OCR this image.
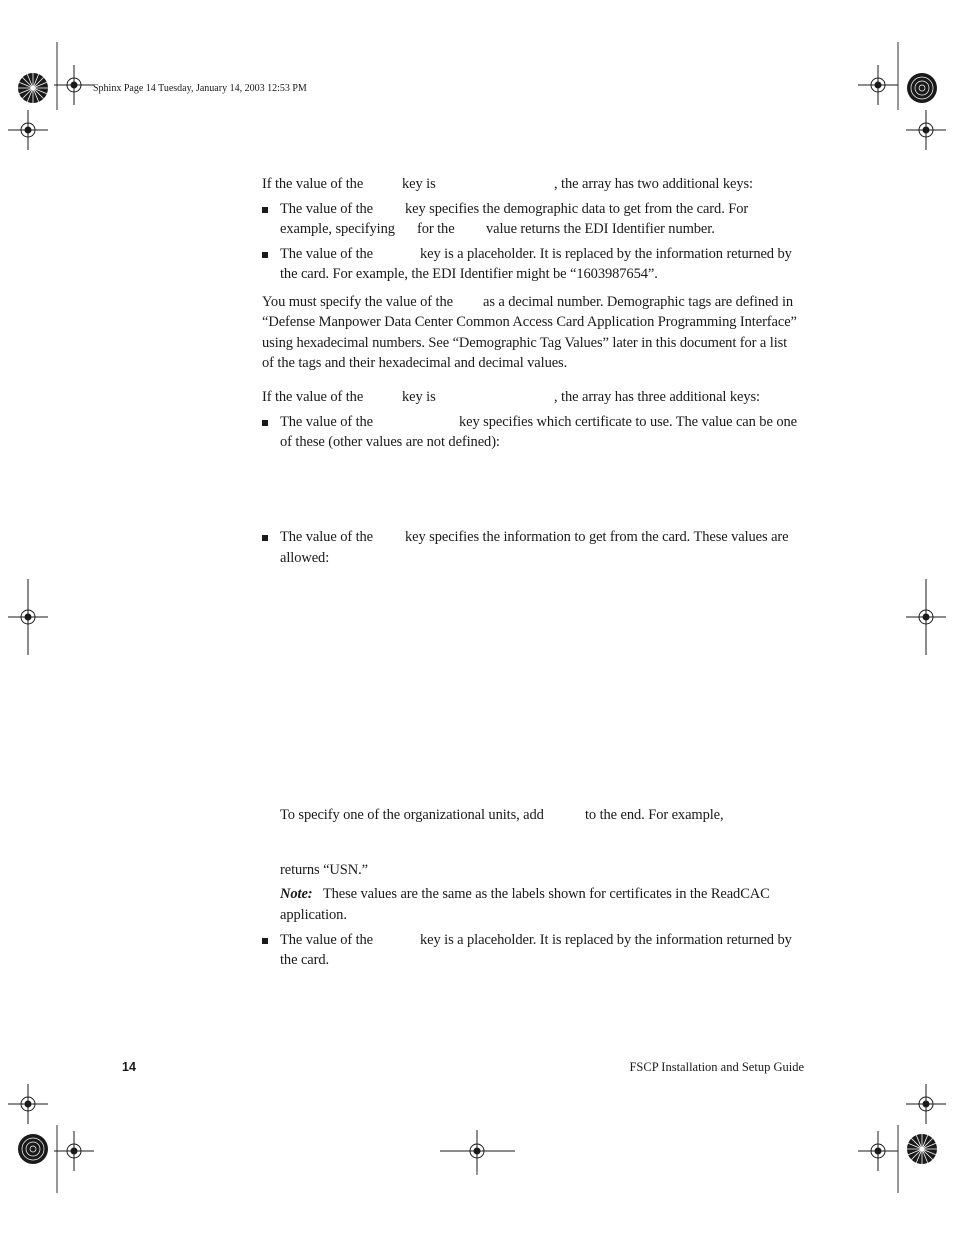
Sphinx Page 14 Tuesday, January 14, 2003 12:53 PM
If the value of the	key is	, the array has two additional keys:
The value of the key specifies the demographic data to get from the card. For
example, specifying for the value returns the EDI Identifier number.
The value of the	key is a placeholder. It is replaced by the information returned by
the card. For example, the EDI Identifier might be “1603987654”.
You must specify the value of the as a decimal number. Demographic tags are defined in
“Defense Manpower Data Center Common Access Card Application Programming Interface”
using hexadecimal numbers. See “Demographic Tag Values” later in this document for a list
of the tags and their hexadecimal and decimal values.
If the value of the	key is	, the array has three additional keys:
The value of the	key specifies which certificate to use. The value can be one
of these (other values are not defined):
The value of the key specifies the information to get from the card. These values are
allowed:
To specify one of the organizational units, add	to the end. For example,
returns “USN.”
Note: These values are the same as the labels shown for certificates in the ReadCAC
application.
The value of the	key is a placeholder. It is replaced by the information returned by
the card.
14	FSCP Installation and Setup Guide
